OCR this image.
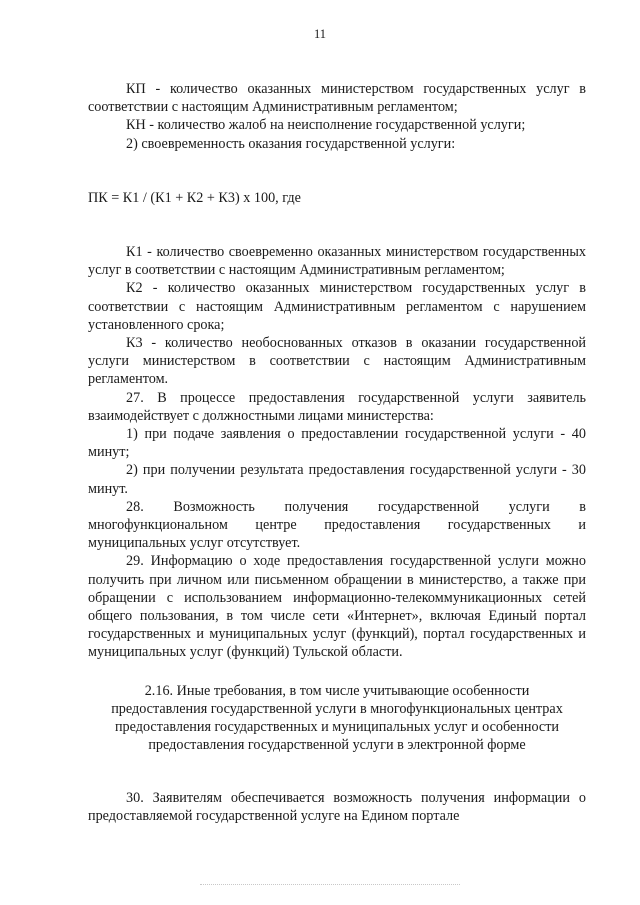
11

КП - количество оказанных министерством государственных услуг в соответствии с настоящим Административным регламентом;

КН - количество жалоб на неисполнение государственной услуги;

2) своевременность оказания государственной услуги:

ПК = К1 / (К1 + К2 + К3) х 100, где

К1 - количество своевременно оказанных министерством государственных услуг в соответствии с настоящим Административным регламентом;

К2 - количество оказанных министерством государственных услуг в соответствии с настоящим Административным регламентом с нарушением установленного срока;

К3 - количество необоснованных отказов в оказании государственной услуги министерством в соответствии с настоящим Административным регламентом.

27. В процессе предоставления государственной услуги заявитель взаимодействует с должностными лицами министерства:

1) при подаче заявления о предоставлении государственной услуги - 40 минут;

2) при получении результата предоставления государственной услуги - 30 минут.

28. Возможность получения государственной услуги в многофункциональном центре предоставления государственных и муниципальных услуг отсутствует.

29. Информацию о ходе предоставления государственной услуги можно получить при личном или письменном обращении в министерство, а также при обращении с использованием информационно-телекоммуникационных сетей общего пользования, в том числе сети «Интернет», включая Единый портал государственных и муниципальных услуг (функций), портал государственных и муниципальных услуг (функций) Тульской области.

2.16. Иные требования, в том числе учитывающие особенности предоставления государственной услуги в многофункциональных центрах предоставления государственных и муниципальных услуг и особенности предоставления государственной услуги в электронной форме

30. Заявителям обеспечивается возможность получения информации о предоставляемой государственной услуге на Едином портале
